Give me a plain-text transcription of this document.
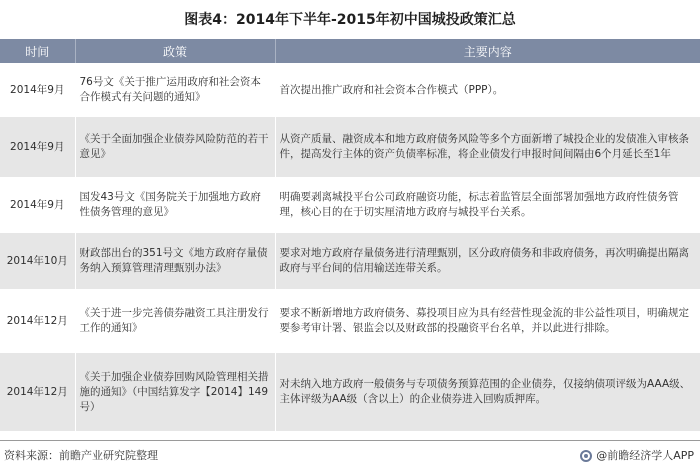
图表4：2014年下半年-2015年初中国城投政策汇总
时间	政策	主要内容
2014年9月	76号文《关于推广运用政府和社会资本合作模式有关问题的通知》	首次提出推广政府和社会资本合作模式（PPP）。
2014年9月	《关于全面加强企业债券风险防范的若干意见》	从资产质量、融资成本和地方政府债务风险等多个方面新增了城投企业的发债准入审核条件，提高发行主体的资产负债率标准，将企业债发行申报时间间隔由6个月延长至1年
2014年9月	国发43号文《国务院关于加强地方政府性债务管理的意见》	明确要剥离城投平台公司政府融资功能，标志着监管层全面部署加强地方政府性债务管理，核心目的在于切实厘清地方政府与城投平台关系。
2014年10月	财政部出台的351号文《地方政府存量债务纳入预算管理清理甄别办法》	要求对地方政府存量债务进行清理甄别，区分政府债务和非政府债务，再次明确提出隔离政府与平台间的信用输送连带关系。
2014年12月	《关于进一步完善债券融资工具注册发行工作的通知》	要求不断新增地方政府债务、募投项目应为具有经营性现金流的非公益性项目，明确规定要参考审计署、银监会以及财政部的投融资平台名单，并以此进行排除。
2014年12月	《关于加强企业债券回购风险管理相关措施的通知》（中国结算发字【2014】149号）	对未纳入地方政府一般债务与专项债务预算范围的企业债券，仅接纳债项评级为AAA级、主体评级为AA级（含以上）的企业债券进入回购质押库。
资料来源：前瞻产业研究院整理	@前瞻经济学人APP
